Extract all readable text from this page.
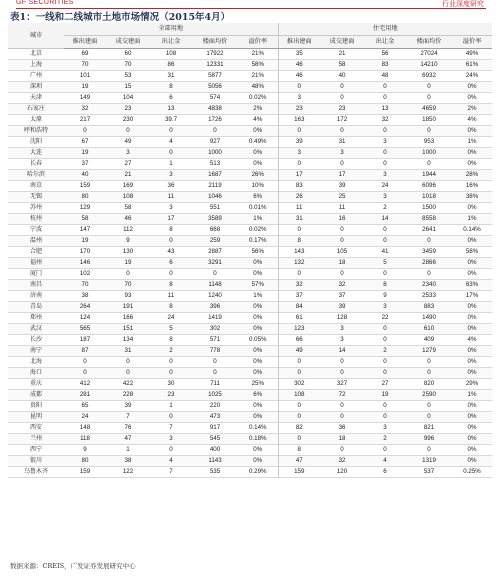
GF SECURITIES	行业深度研究
表1：一线和二线城市土地市场情况（2015年4月）
城市	全部用地					住宅用地				
	推出建面	成交建面	出让金	楼面均价	溢价率	推出建面	成交建面	出让金	楼面均价	溢价率
北京	69	60	108	17922	21%	35	21	56	27024	49%
上海	70	70	86	12331	58%	46	58	83	14210	61%
广州	101	53	31	5877	21%	46	40	48	6932	24%
深圳	19	15	8	5056	48%	0	0	0	0	0%
天津	149	104	6	574	0.02%	3	0	0	0	0%
石家庄	32	23	13	4838	2%	23	23	13	4659	2%
太原	217	230	39.7	1726	4%	163	172	32	1850	4%
呼和浩特	0	0	0	0	0%	0	0	0	0	0%
沈阳	67	49	4	927	0.49%	39	31	3	953	1%
大连	19	3	0	1000	0%	3	3	0	1000	0%
长春	37	27	1	513	0%	0	0	0	0	0%
哈尔滨	40	21	3	1687	26%	17	17	3	1944	28%
南京	159	169	36	2119	10%	83	39	24	6096	16%
无锡	80	108	11	1046	6%	26	25	3	1018	38%
苏州	129	58	3	551	0.01%	11	11	2	1500	0%
杭州	58	46	17	3589	1%	31	16	14	8558	1%
宁波	147	112	8	668	0.02%	0	0	0	2641	0.14%
温州	19	9	0	259	0.17%	8	0	0	0	0%
合肥	170	130	43	2887	56%	143	105	41	3459	58%
福州	146	19	6	3291	0%	132	18	5	2866	0%
厦门	102	0	0	0	0%	0	0	0	0	0%
南昌	70	70	8	1148	57%	32	32	8	2340	63%
济南	38	93	11	1240	1%	37	37	9	2533	17%
青岛	264	191	8	396	0%	84	39	3	883	0%
郑州	124	166	24	1419	0%	61	128	22	1490	0%
武汉	565	151	5	302	0%	123	3	0	610	0%
长沙	187	134	8	571	0.05%	66	3	0	409	4%
南宁	87	31	2	778	0%	49	14	2	1279	0%
北海	0	0	0	0	0%	0	0	0	0	0%
海口	0	0	0	0	0%	0	0	0	0	0%
重庆	412	422	30	711	25%	302	327	27	820	29%
成都	281	228	23	1025	6%	108	72	19	2590	1%
贵阳	65	39	1	220	0%	0	0	0	0	0%
昆明	24	7	0	473	0%	0	0	0	0	0%
西安	148	76	7	917	0.14%	82	36	3	821	0%
兰州	118	47	3	545	0.18%	0	18	2	996	0%
西宁	9	1	0	400	0%	8	0	0	0	0%
银川	80	38	4	1143	0%	47	32	4	1319	0%
乌鲁木齐	159	122	7	535	0.29%	159	120	6	537	0.25%
数据来源：CREIS，广发证券发展研究中心
